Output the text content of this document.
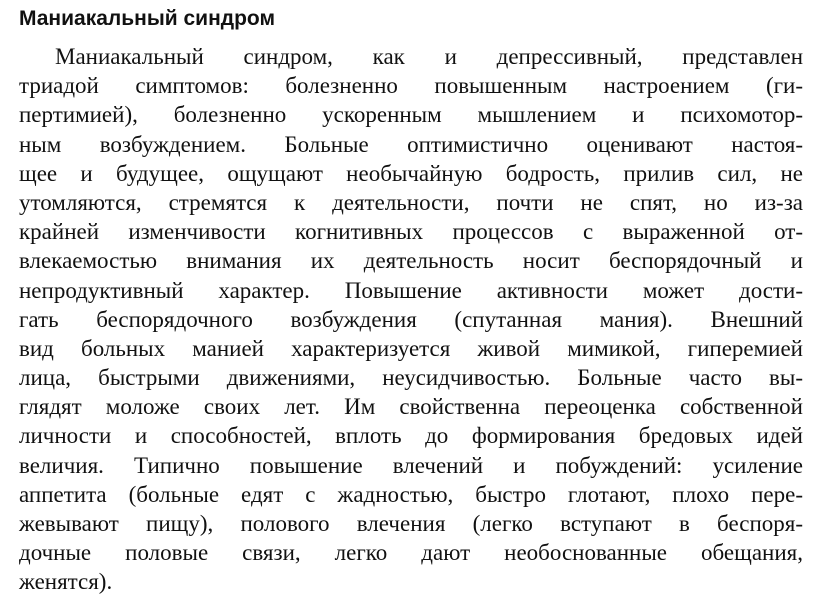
Маниакальный синдром
Маниакальный синдром, как и депрессивный, представлен
триадой симптомов: болезненно повышенным настроением (ги-
пертимией), болезненно ускоренным мышлением и психомотор-
ным возбуждением. Больные оптимистично оценивают настоя-
щее и будущее, ощущают необычайную бодрость, прилив сил, не
утомляются, стремятся к деятельности, почти не спят, но из-за
крайней изменчивости когнитивных процессов с выраженной от-
влекаемостью внимания их деятельность носит беспорядочный и
непродуктивный характер. Повышение активности может дости-
гать беспорядочного возбуждения (спутанная мания). Внешний
вид больных манией характеризуется живой мимикой, гиперемией
лица, быстрыми движениями, неусидчивостью. Больные часто вы-
глядят моложе своих лет. Им свойственна переоценка собственной
личности и способностей, вплоть до формирования бредовых идей
величия. Типично повышение влечений и побуждений: усиление
аппетита (больные едят с жадностью, быстро глотают, плохо пере-
жевывают пищу), полового влечения (легко вступают в беспоря-
дочные половые связи, легко дают необоснованные обещания,
женятся).
